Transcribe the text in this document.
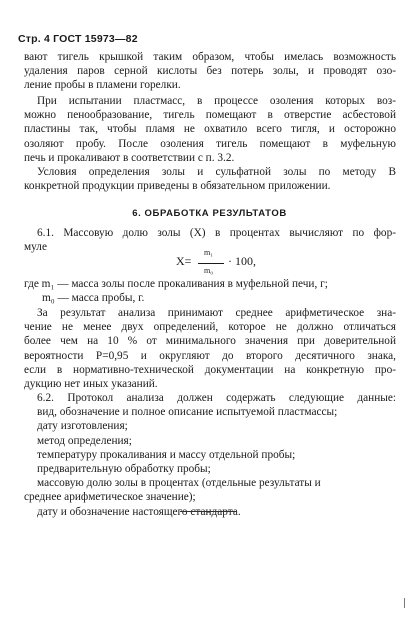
Стр. 4 ГОСТ 15973—82
вают тигель крышкой таким образом, чтобы имелась возможность
удаления паров серной кислоты без потерь золы, и проводят озо-
ление пробы в пламени горелки.
При испытании пластмасс, в процессе озоления которых воз-
можно пенообразование, тигель помещают в отверстие асбестовой
пластины так, чтобы пламя не охватило всего тигля, и осторожно
озоляют пробу. После озоления тигель помещают в муфельную
печь и прокаливают в соответствии с п. 3.2.
Условия определения золы и сульфатной золы по методу В
конкретной продукции приведены в обязательном приложении.
6. ОБРАБОТКА РЕЗУЛЬТАТОВ
6.1. Массовую долю золы (X) в процентах вычисляют по фор-
муле
X=
m₁
m₀
· 100,
где m₁ — масса золы после прокаливания в муфельной печи, г;
m₀ — масса пробы, г.
За результат анализа принимают среднее арифметическое зна-
чение не менее двух определений, которое не должно отличаться
более чем на 10 % от минимального значения при доверительной
вероятности P=0,95 и округляют до второго десятичного знака,
если в нормативно-технической документации на конкретную про-
дукцию нет иных указаний.
6.2. Протокол анализа должен содержать следующие данные:
вид, обозначение и полное описание испытуемой пластмассы;
дату изготовления;
метод определения;
температуру прокаливания и массу отдельной пробы;
предварительную обработку пробы;
массовую долю золы в процентах (отдельные результаты и
среднее арифметическое значение);
дату и обозначение настоящего стандарта.
